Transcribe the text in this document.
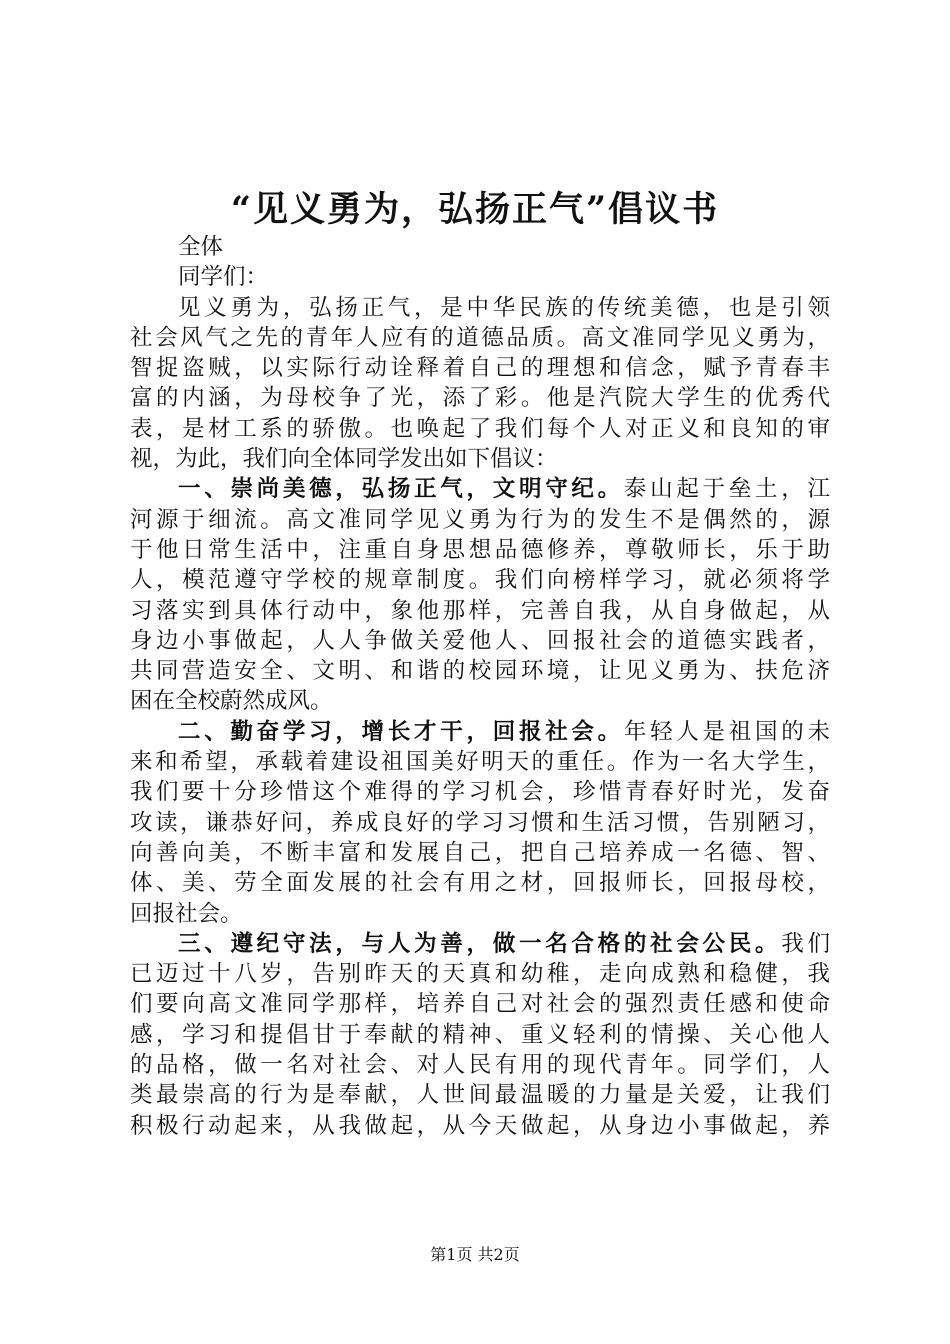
“见义勇为，弘扬正气”倡议书
全体
同学们：
见义勇为，弘扬正气，是中华民族的传统美德，也是引领
社会风气之先的青年人应有的道德品质。高文准同学见义勇为，
智捉盗贼，以实际行动诠释着自己的理想和信念，赋予青春丰
富的内涵，为母校争了光，添了彩。他是汽院大学生的优秀代
表，是材工系的骄傲。也唤起了我们每个人对正义和良知的审
视，为此，我们向全体同学发出如下倡议：
一、崇尚美德，弘扬正气，文明守纪。泰山起于垒土，江
河源于细流。高文准同学见义勇为行为的发生不是偶然的，源
于他日常生活中，注重自身思想品德修养，尊敬师长，乐于助
人，模范遵守学校的规章制度。我们向榜样学习，就必须将学
习落实到具体行动中，象他那样，完善自我，从自身做起，从
身边小事做起，人人争做关爱他人、回报社会的道德实践者，
共同营造安全、文明、和谐的校园环境，让见义勇为、扶危济
困在全校蔚然成风。
二、勤奋学习，增长才干，回报社会。年轻人是祖国的未
来和希望，承载着建设祖国美好明天的重任。作为一名大学生，
我们要十分珍惜这个难得的学习机会，珍惜青春好时光，发奋
攻读，谦恭好问，养成良好的学习习惯和生活习惯，告别陋习，
向善向美，不断丰富和发展自己，把自己培养成一名德、智、
体、美、劳全面发展的社会有用之材，回报师长，回报母校，
回报社会。
三、遵纪守法，与人为善，做一名合格的社会公民。我们
已迈过十八岁，告别昨天的天真和幼稚，走向成熟和稳健，我
们要向高文准同学那样，培养自己对社会的强烈责任感和使命
感，学习和提倡甘于奉献的精神、重义轻利的情操、关心他人
的品格，做一名对社会、对人民有用的现代青年。同学们，人
类最崇高的行为是奉献，人世间最温暖的力量是关爱，让我们
积极行动起来，从我做起，从今天做起，从身边小事做起，养
第1页 共2页
